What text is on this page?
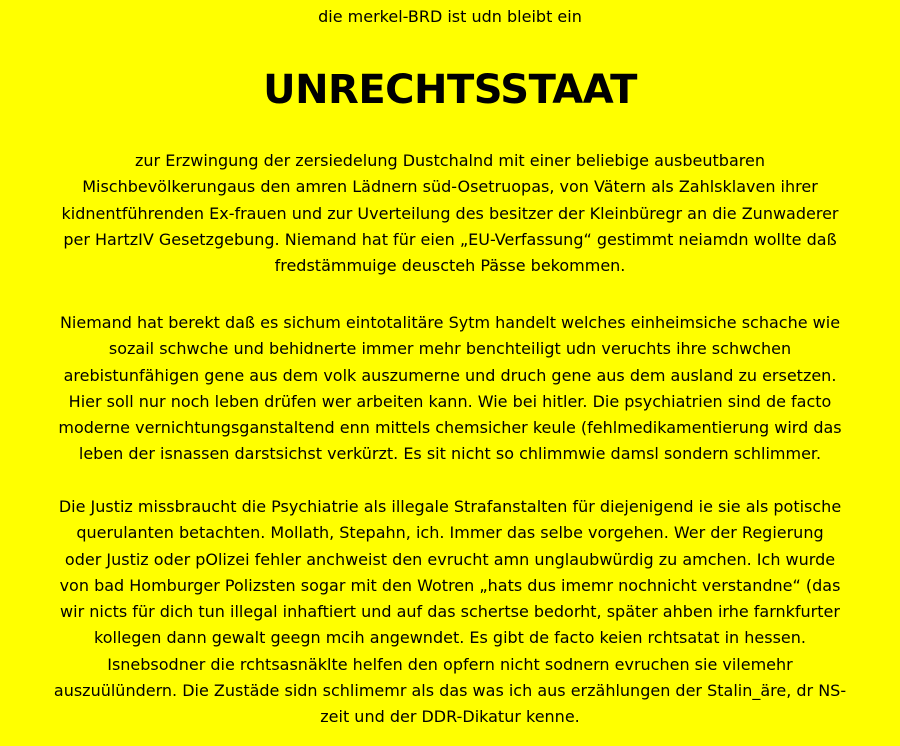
die merkel-BRD ist udn bleibt ein
UNRECHTSSTAAT
zur Erzwingung der zersiedelung Dustchalnd mit einer beliebige ausbeutbaren
Mischbevölkerungaus den amren Lädnern süd-Osetruopas, von Vätern als Zahlsklaven ihrer
kidnentführenden Ex-frauen und zur Uverteilung des besitzer der Kleinbüregr an die Zunwaderer
per HartzIV Gesetzgebung. Niemand hat für eien „EU-Verfassung“ gestimmt neiamdn wollte daß
fredstämmuige deuscteh Pässe bekommen.
Niemand hat berekt daß es sichum eintotalitäre Sytm handelt welches einheimsiche schache wie
sozail schwche und behidnerte immer mehr benchteiligt udn veruchts ihre schwchen
arebistunfähigen gene aus dem volk auszumerne und druch gene aus dem ausland zu ersetzen.
Hier soll nur noch leben drüfen wer arbeiten kann. Wie bei hitler. Die psychiatrien sind de facto
moderne vernichtungsganstaltend enn mittels chemsicher keule (fehlmedikamentierung wird das
leben der isnassen darstsichst verkürzt. Es sit nicht so chlimmwie damsl sondern schlimmer.
Die Justiz missbraucht die Psychiatrie als illegale Strafanstalten für diejenigend ie sie als potische
querulanten betachten. Mollath, Stepahn, ich. Immer das selbe vorgehen. Wer der Regierung
oder Justiz oder pOlizei fehler anchweist den evrucht amn unglaubwürdig zu amchen. Ich wurde
von bad Homburger Polizsten sogar mit den Wotren „hats dus imemr nochnicht verstandne“ (das
wir nicts für dich tun illegal inhaftiert und auf das schertse bedorht, später ahben irhe farnkfurter
kollegen dann gewalt geegn mcih angewndet. Es gibt de facto keien rchtsatat in hessen.
Isnebsodner die rchtsasnäklte helfen den opfern nicht sodnern evruchen sie vilemehr
auszuülündern. Die Zustäde sidn schlimemr als das was ich aus erzählungen der Stalin_äre, dr NS-
zeit und der DDR-Dikatur kenne.
